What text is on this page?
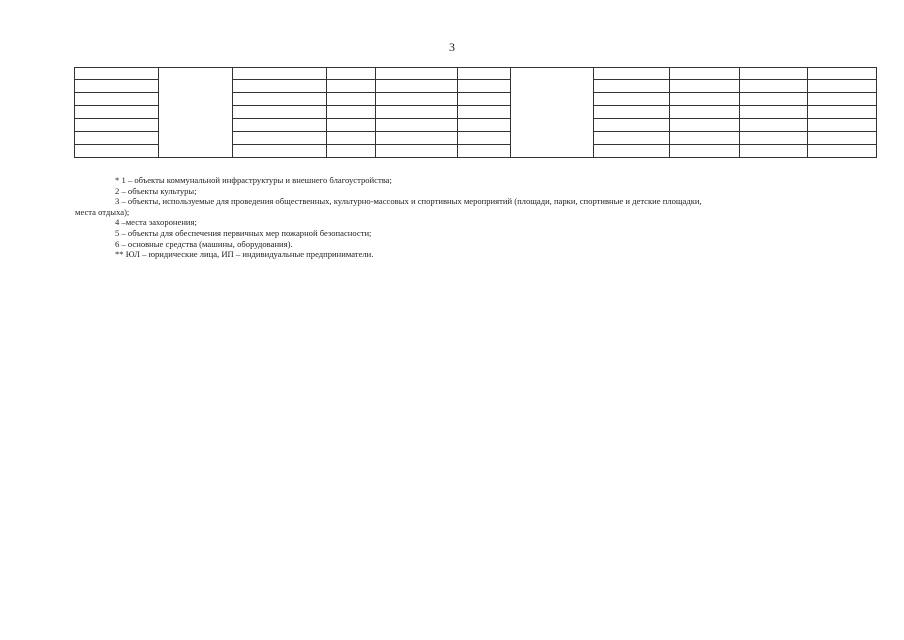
3
* 1 – объекты коммунальной инфраструктуры и внешнего благоустройства;
2 – объекты культуры;
3 – объекты, используемые для проведения общественных, культурно-массовых и спортивных мероприятий (площади, парки, спортивные и детские площадки,
места отдыха);
4 –места захоронения;
5 – объекты для обеспечения первичных мер пожарной безопасности;
6 – основные средства (машины, оборудования).
** ЮЛ – юридические лица, ИП – индивидуальные предприниматели.
